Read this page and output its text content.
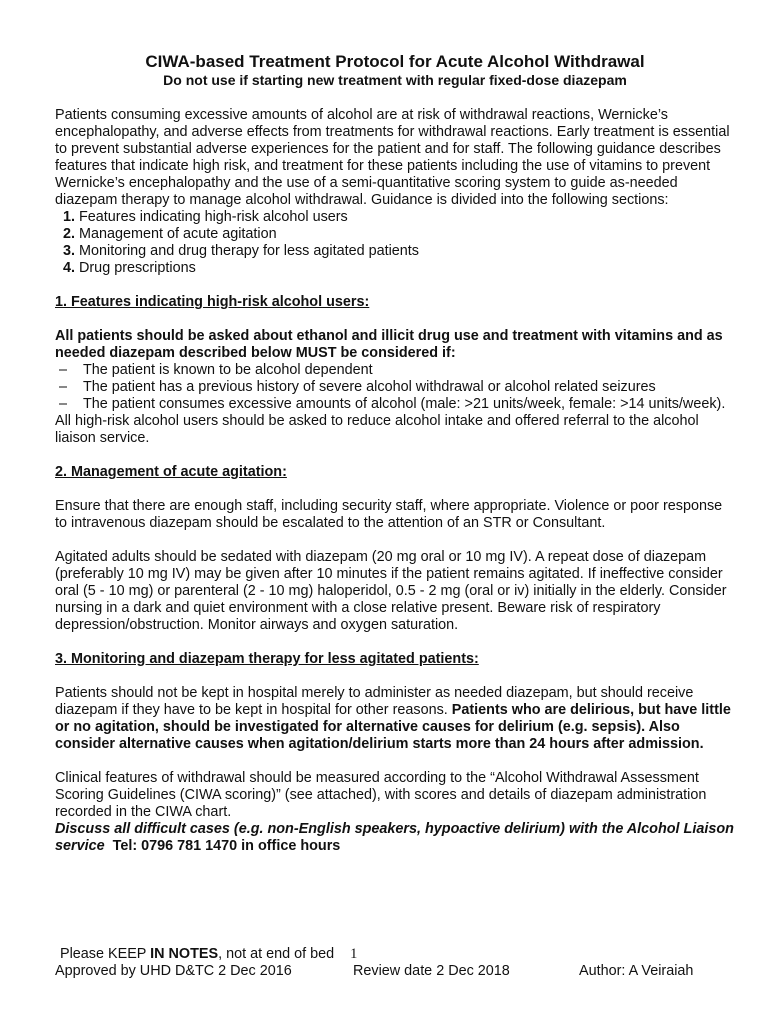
CIWA-based Treatment Protocol for Acute Alcohol Withdrawal
Do not use if starting new treatment with regular fixed-dose diazepam

Patients consuming excessive amounts of alcohol are at risk of withdrawal reactions, Wernicke’s encephalopathy, and adverse effects from treatments for withdrawal reactions. Early treatment is essential to prevent substantial adverse experiences for the patient and for staff. The following guidance describes features that indicate high risk, and treatment for these patients including the use of vitamins to prevent Wernicke’s encephalopathy and the use of a semi-quantitative scoring system to guide as-needed diazepam therapy to manage alcohol withdrawal. Guidance is divided into the following sections:

1. Features indicating high-risk alcohol users
2. Management of acute agitation
3. Monitoring and drug therapy for less agitated patients
4. Drug prescriptions

1. Features indicating high-risk alcohol users:

All patients should be asked about ethanol and illicit drug use and treatment with vitamins and as needed diazepam described below MUST be considered if:

– The patient is known to be alcohol dependent
– The patient has a previous history of severe alcohol withdrawal or alcohol related seizures
– The patient consumes excessive amounts of alcohol (male: >21 units/week, female: >14 units/week).

All high-risk alcohol users should be asked to reduce alcohol intake and offered referral to the alcohol liaison service.

2. Management of acute agitation:

Ensure that there are enough staff, including security staff, where appropriate. Violence or poor response to intravenous diazepam should be escalated to the attention of an STR or Consultant.

Agitated adults should be sedated with diazepam (20 mg oral or 10 mg IV). A repeat dose of diazepam (preferably 10 mg IV) may be given after 10 minutes if the patient remains agitated. If ineffective consider oral (5 - 10 mg) or parenteral (2 - 10 mg) haloperidol, 0.5 - 2 mg (oral or iv) initially in the elderly. Consider nursing in a dark and quiet environment with a close relative present. Beware risk of respiratory depression/obstruction. Monitor airways and oxygen saturation.

3. Monitoring and diazepam therapy for less agitated patients:

Patients should not be kept in hospital merely to administer as needed diazepam, but should receive diazepam if they have to be kept in hospital for other reasons. Patients who are delirious, but have little or no agitation, should be investigated for alternative causes for delirium (e.g. sepsis). Also consider alternative causes when agitation/delirium starts more than 24 hours after admission.

Clinical features of withdrawal should be measured according to the “Alcohol Withdrawal Assessment Scoring Guidelines (CIWA scoring)” (see attached), with scores and details of diazepam administration recorded in the CIWA chart.

Discuss all difficult cases (e.g. non-English speakers, hypoactive delirium) with the Alcohol Liaison service  Tel: 0796 781 1470 in office hours

Please KEEP IN NOTES, not at end of bed 1
Approved by UHD D&TC 2 Dec 2016	Review date 2 Dec 2018	Author: A Veiraiah
